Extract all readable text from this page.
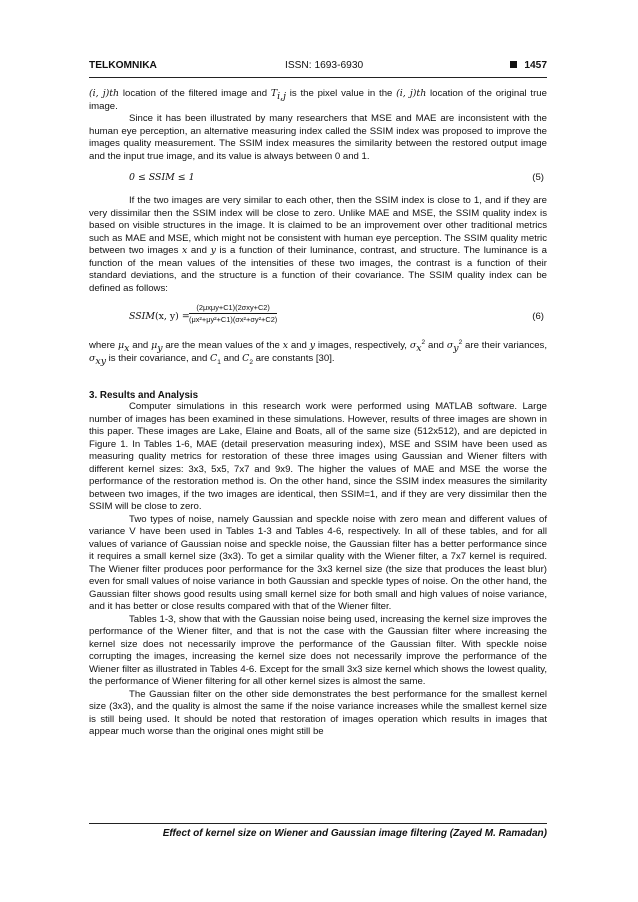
TELKOMNIKA	ISSN: 1693-6930	1457

(i, j)th location of the filtered image and $T_{i,j}$ is the pixel value in the (i, j)th location of the original true image.

Since it has been illustrated by many researchers that MSE and MAE are inconsistent with the human eye perception, an alternative measuring index called the SSIM index was proposed to improve the images quality measurement. The SSIM index measures the similarity between the restored output image and the input true image, and its value is always between 0 and 1.

0 ≤ SSIM ≤ 1	(5)

If the two images are very similar to each other, then the SSIM index is close to 1, and if they are very dissimilar then the SSIM index will be close to zero. Unlike MAE and MSE, the SSIM quality index is based on visible structures in the image. It is claimed to be an improvement over other traditional metrics such as MAE and MSE, which might not be consistent with human eye perception. The SSIM quality metric between two images x and y is a function of their luminance, contrast, and structure. The luminance is a function of the mean values of the intensities of these two images, the contrast is a function of their standard deviations, and the structure is a function of their covariance. The SSIM quality index can be defined as follows:

SSIM(x, y) =
(2μxμy+C1)(2σxy+C2)
(μx²+μy²+C1)(σx²+σy²+C2)	(6)

where $\mu_x$ and $\mu_y$ are the mean values of the x and y images, respectively, $\sigma_x^2$ and $\sigma_y^2$ are their variances, $\sigma_{xy}$ is their covariance, and $C_1$ and $C_2$ are constants [30].

3. Results and Analysis

Computer simulations in this research work were performed using MATLAB software. Large number of images has been examined in these simulations. However, results of three images are shown in this paper. These images are Lake, Elaine and Boats, all of the same size (512x512), and are depicted in Figure 1. In Tables 1-6, MAE (detail preservation measuring index), MSE and SSIM have been used as measuring quality metrics for restoration of these three images using Gaussian and Wiener filters with different kernel sizes: 3x3, 5x5, 7x7 and 9x9. The higher the values of MAE and MSE the worse the performance of the restoration method is. On the other hand, since the SSIM index measures the similarity between two images, if the two images are identical, then SSIM=1, and if they are very dissimilar then the SSIM will be close to zero.

Two types of noise, namely Gaussian and speckle noise with zero mean and different values of variance V have been used in Tables 1-3 and Tables 4-6, respectively. In all of these tables, and for all values of variance of Gaussian noise and speckle noise, the Gaussian filter has a better performance since it requires a small kernel size (3x3). To get a similar quality with the Wiener filter, a 7x7 kernel is required. The Wiener filter produces poor performance for the 3x3 kernel size (the size that produces the least blur) even for small values of noise variance in both Gaussian and speckle types of noise. On the other hand, the Gaussian filter shows good results using small kernel size for both small and high values of noise variance, and it has better or close results compared with that of the Wiener filter.

Tables 1-3, show that with the Gaussian noise being used, increasing the kernel size improves the performance of the Wiener filter, and that is not the case with the Gaussian filter where increasing the kernel size does not necessarily improve the performance of the Gaussian filter. With speckle noise corrupting the images, increasing the kernel size does not necessarily improve the performance of the Wiener filter as illustrated in Tables 4-6. Except for the small 3x3 size kernel which shows the lowest quality, the performance of Wiener filtering for all other kernel sizes is almost the same.

The Gaussian filter on the other side demonstrates the best performance for the smallest kernel size (3x3), and the quality is almost the same if the noise variance increases while the smallest kernel size is still being used. It should be noted that restoration of images operation which results in images that appear much worse than the original ones might still be

Effect of kernel size on Wiener and Gaussian image filtering (Zayed M. Ramadan)
